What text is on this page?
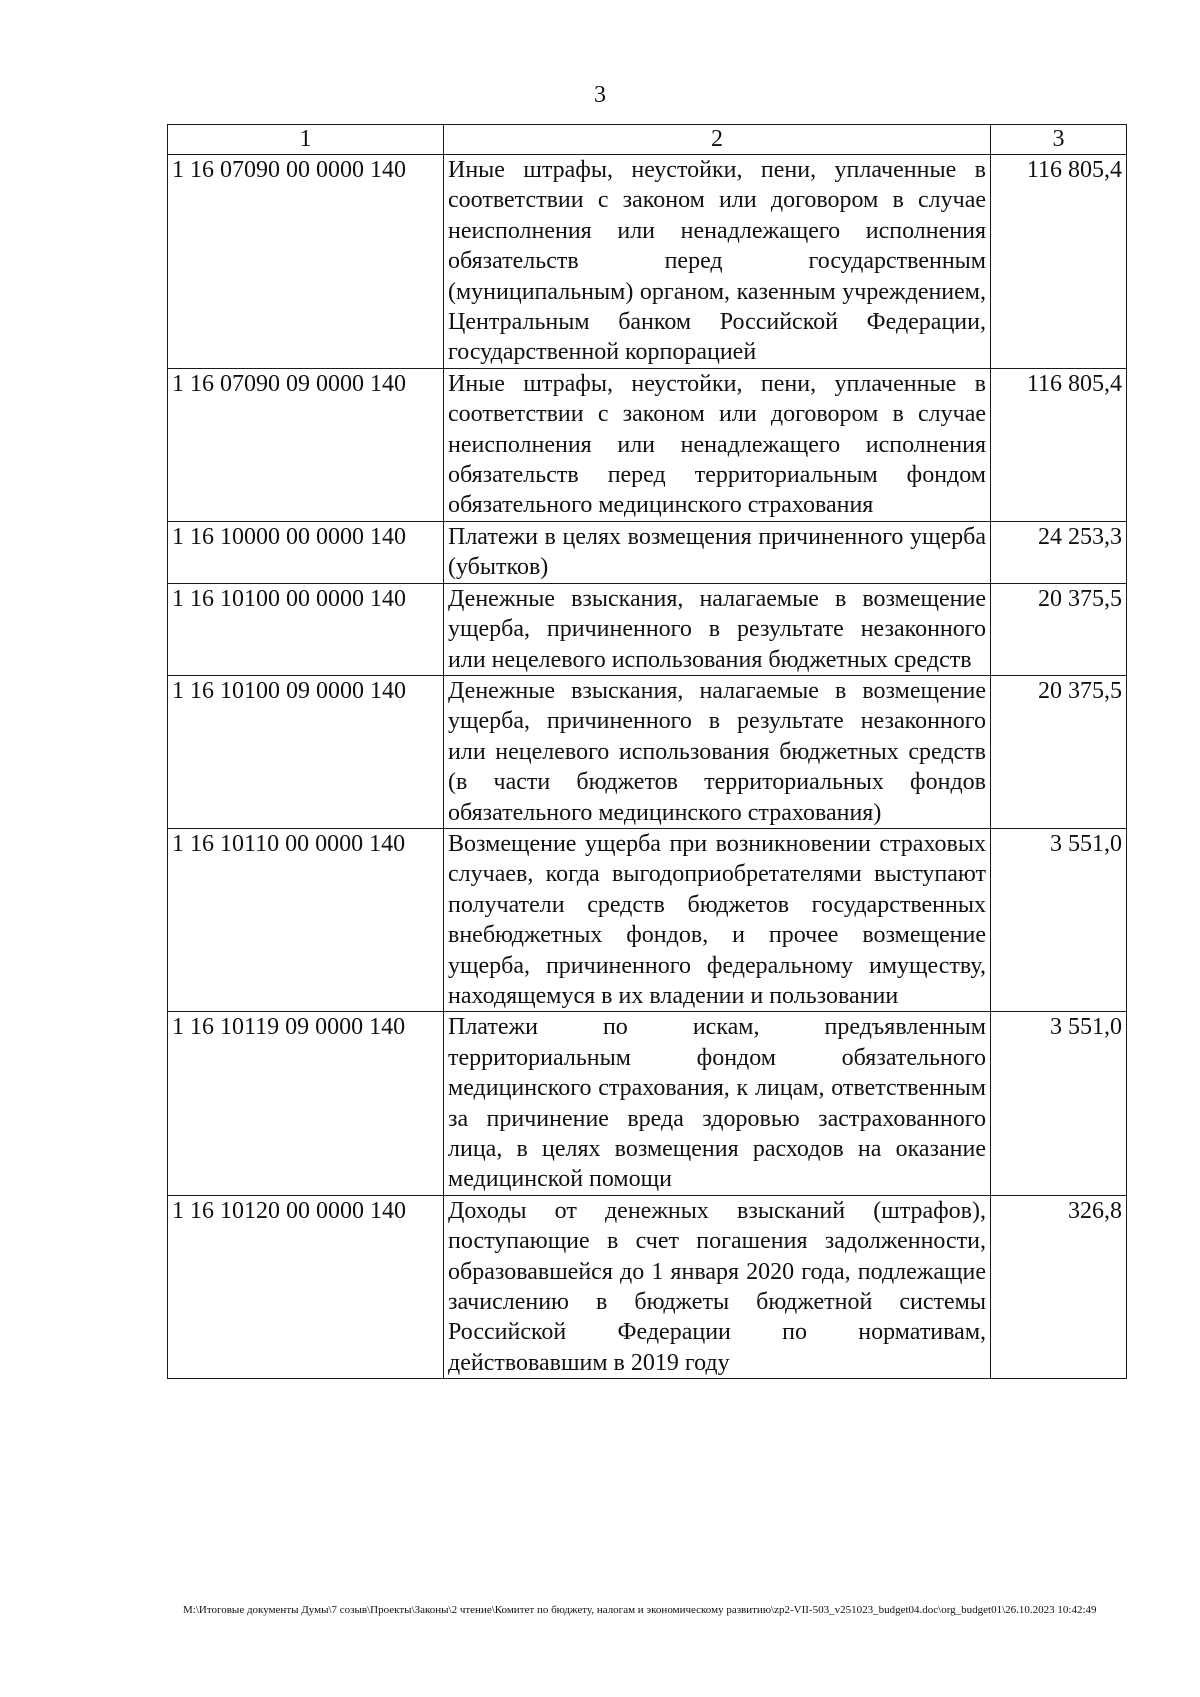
3
1	2	3
1 16 07090 00 0000 140	Иные штрафы, неустойки, пени, уплаченные в соответствии с законом или договором в случае неисполнения или ненадлежащего исполнения обязательств перед государственным (муниципальным) органом, казенным учреждением, Центральным банком Российской Федерации, государственной корпорацией	116 805,4
1 16 07090 09 0000 140	Иные штрафы, неустойки, пени, уплаченные в соответствии с законом или договором в случае неисполнения или ненадлежащего исполнения обязательств перед территориальным фондом обязательного медицинского страхования	116 805,4
1 16 10000 00 0000 140	Платежи в целях возмещения причиненного ущерба (убытков)	24 253,3
1 16 10100 00 0000 140	Денежные взыскания, налагаемые в возмещение ущерба, причиненного в результате незаконного или нецелевого использования бюджетных средств	20 375,5
1 16 10100 09 0000 140	Денежные взыскания, налагаемые в возмещение ущерба, причиненного в результате незаконного или нецелевого использования бюджетных средств (в части бюджетов территориальных фондов обязательного медицинского страхования)	20 375,5
1 16 10110 00 0000 140	Возмещение ущерба при возникновении страховых случаев, когда выгодоприобретателями выступают получатели средств бюджетов государственных внебюджетных фондов, и прочее возмещение ущерба, причиненного федеральному имуществу, находящемуся в их владении и пользовании	3 551,0
1 16 10119 09 0000 140	Платежи по искам, предъявленным территориальным фондом обязательного медицинского страхования, к лицам, ответственным за причинение вреда здоровью застрахованного лица, в целях возмещения расходов на оказание медицинской помощи	3 551,0
1 16 10120 00 0000 140	Доходы от денежных взысканий (штрафов), поступающие в счет погашения задолженности, образовавшейся до 1 января 2020 года, подлежащие зачислению в бюджеты бюджетной системы Российской Федерации по нормативам, действовавшим в 2019 году	326,8
M:\Итоговые документы Думы\7 созыв\Проекты\Законы\2 чтение\Комитет по бюджету, налогам и экономическому развитию\zp2-VII-503_v251023_budget04.doc\org_budget01\26.10.2023 10:42:49
